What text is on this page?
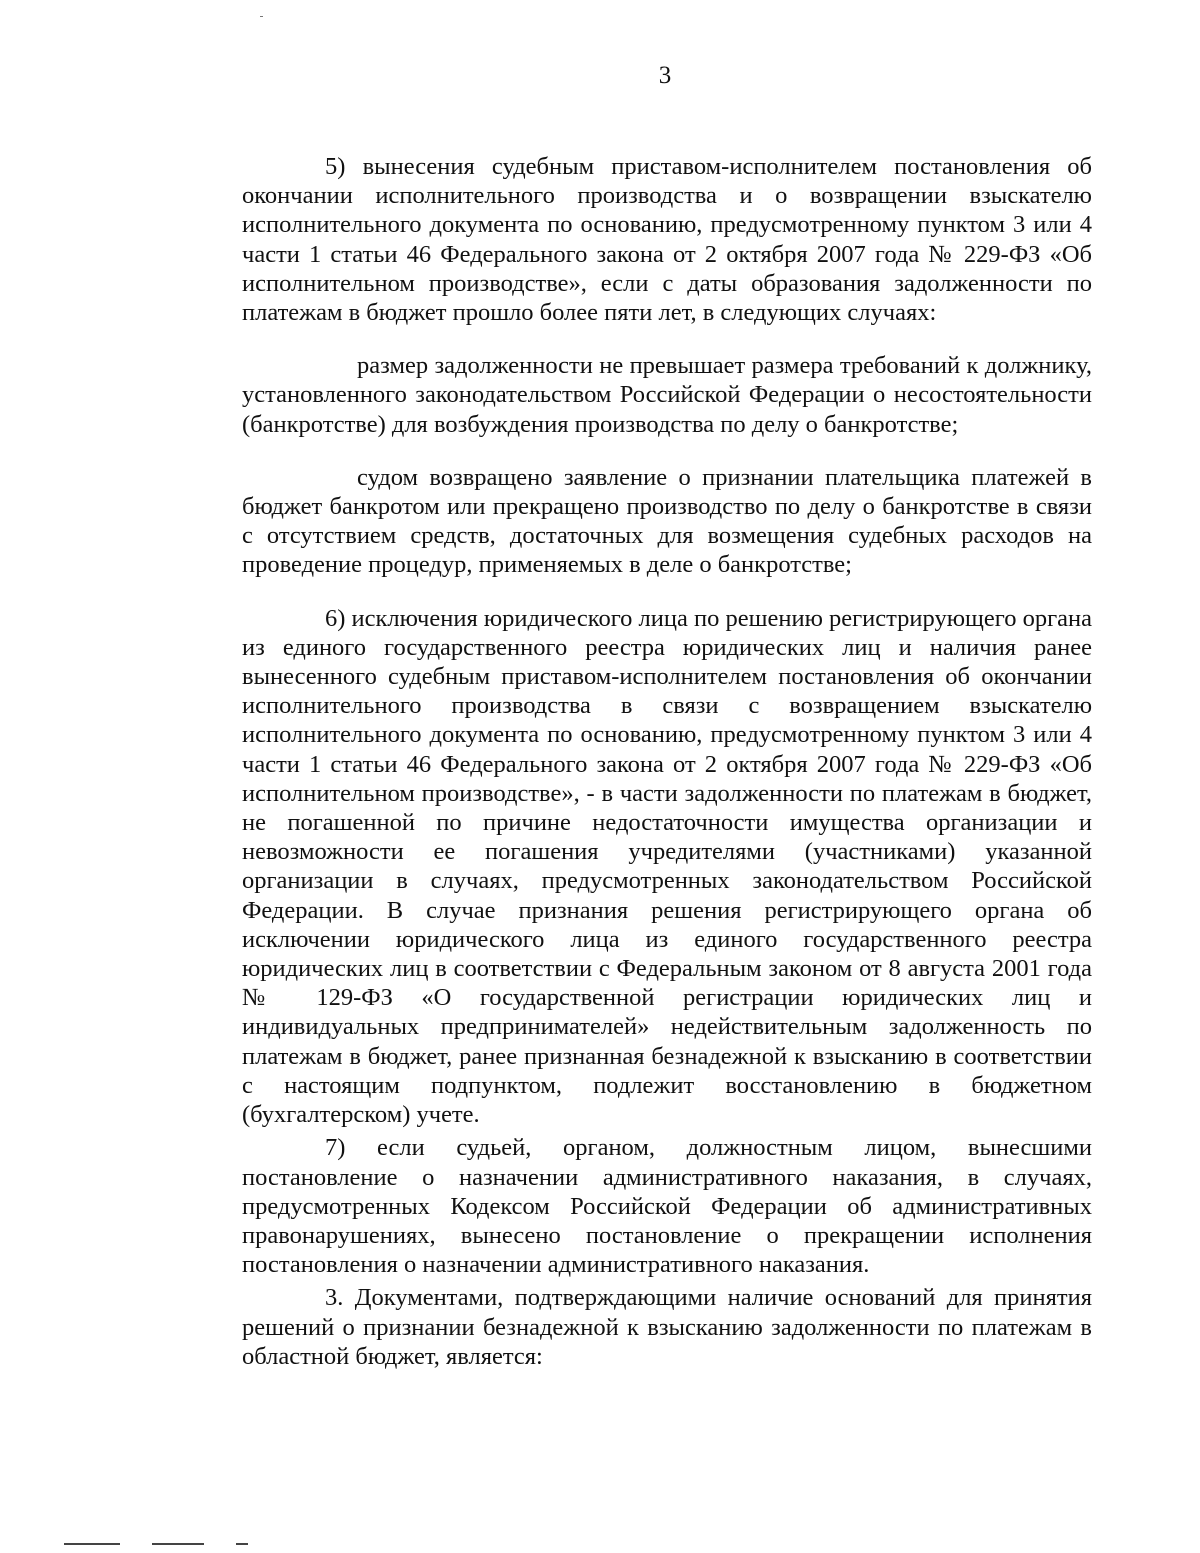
3

5) вынесения судебным приставом-исполнителем постановления об окончании исполнительного производства и о возвращении взыскателю исполнительного документа по основанию, предусмотренному пунктом 3 или 4 части 1 статьи 46 Федерального закона от 2 октября 2007 года № 229-ФЗ «Об исполнительном производстве», если с даты образования задолженности по платежам в бюджет прошло более пяти лет, в следующих случаях:

размер задолженности не превышает размера требований к должнику, установленного законодательством Российской Федерации о несостоятельности (банкротстве) для возбуждения производства по делу о банкротстве;

судом возвращено заявление о признании плательщика платежей в бюджет банкротом или прекращено производство по делу о банкротстве в связи с отсутствием средств, достаточных для возмещения судебных расходов на проведение процедур, применяемых в деле о банкротстве;

6) исключения юридического лица по решению регистрирующего органа из единого государственного реестра юридических лиц и наличия ранее вынесенного судебным приставом-исполнителем постановления об окончании исполнительного производства в связи с возвращением взыскателю исполнительного документа по основанию, предусмотренному пунктом 3 или 4 части 1 статьи 46 Федерального закона от 2 октября 2007 года № 229-ФЗ «Об исполнительном производстве», - в части задолженности по платежам в бюджет, не погашенной по причине недостаточности имущества организации и невозможности ее погашения учредителями (участниками) указанной организации в случаях, предусмотренных законодательством Российской Федерации. В случае признания решения регистрирующего органа об исключении юридического лица из единого государственного реестра юридических лиц в соответствии с Федеральным законом от 8 августа 2001 года № 129-ФЗ «О государственной регистрации юридических лиц и индивидуальных предпринимателей» недействительным задолженность по платежам в бюджет, ранее признанная безнадежной к взысканию в соответствии с настоящим подпунктом, подлежит восстановлению в бюджетном (бухгалтерском) учете.

7) если судьей, органом, должностным лицом, вынесшими постановление о назначении административного наказания, в случаях, предусмотренных Кодексом Российской Федерации об административных правонарушениях, вынесено постановление о прекращении исполнения постановления о назначении административного наказания.

3. Документами, подтверждающими наличие оснований для принятия решений о признании безнадежной к взысканию задолженности по платежам в областной бюджет, является:
